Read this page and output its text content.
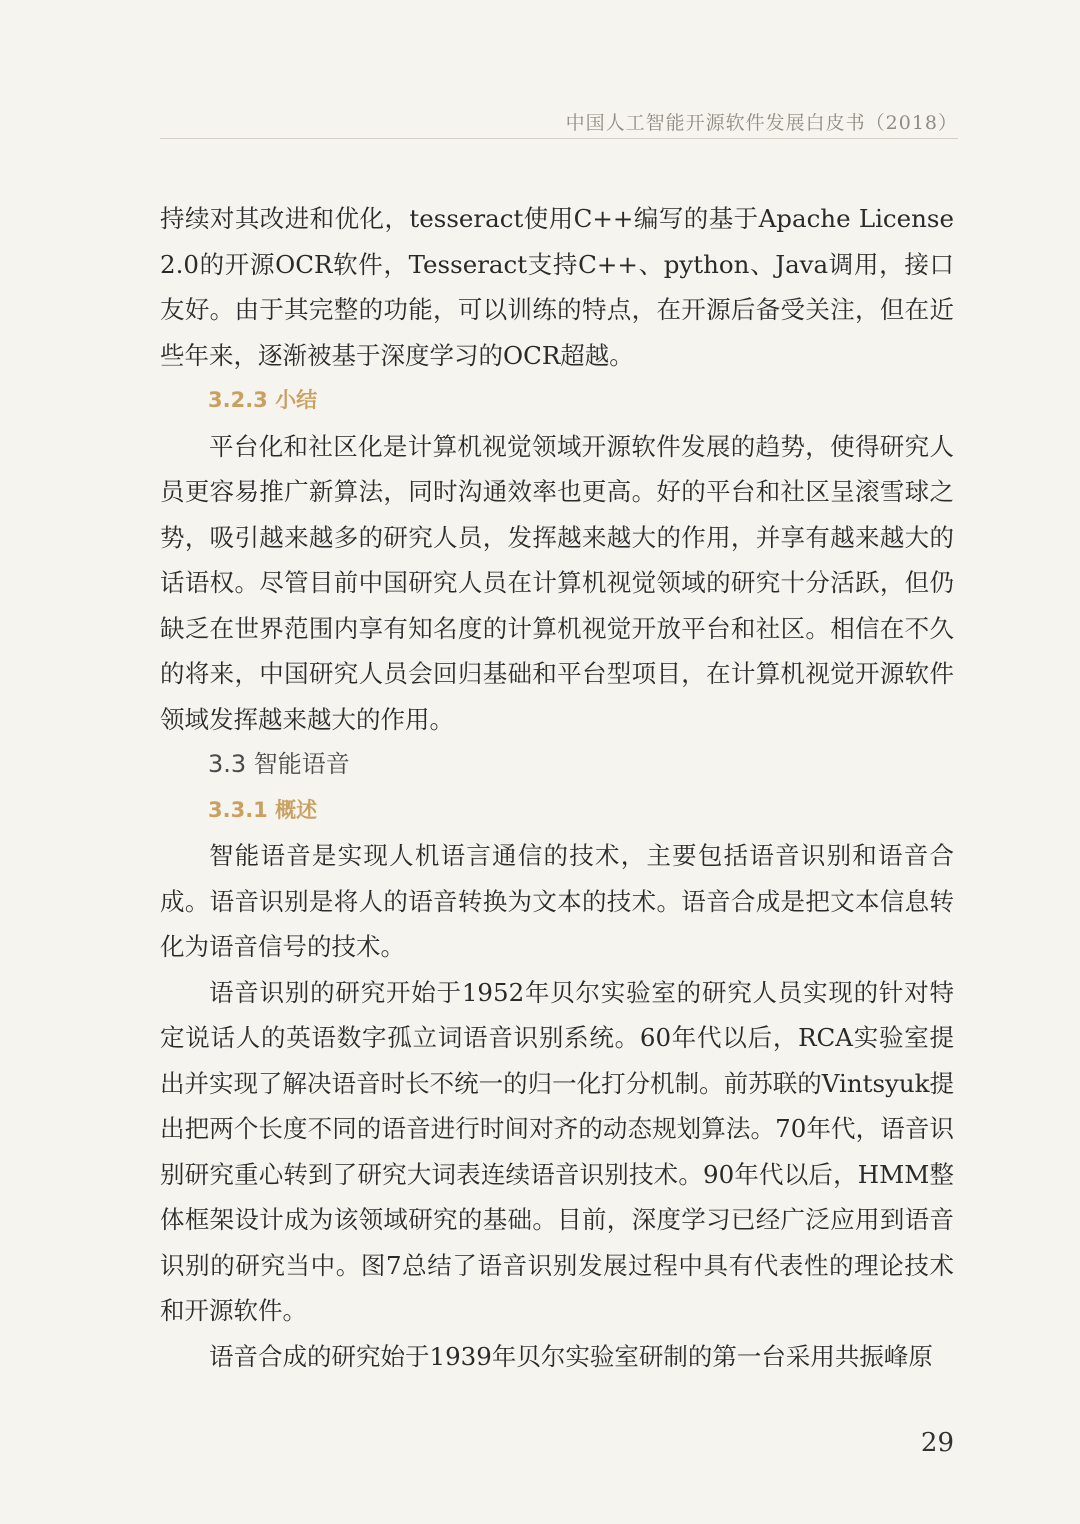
中国人工智能开源软件发展白皮书（2018）

持续对其改进和优化，tesseract使用C++编写的基于Apache License 2.0的开源OCR软件，Tesseract支持C++、python、Java调用，接口友好。由于其完整的功能，可以训练的特点，在开源后备受关注，但在近些年来，逐渐被基于深度学习的OCR超越。

3.2.3 小结

平台化和社区化是计算机视觉领域开源软件发展的趋势，使得研究人员更容易推广新算法，同时沟通效率也更高。好的平台和社区呈滚雪球之势，吸引越来越多的研究人员，发挥越来越大的作用，并享有越来越大的话语权。尽管目前中国研究人员在计算机视觉领域的研究十分活跃，但仍缺乏在世界范围内享有知名度的计算机视觉开放平台和社区。相信在不久的将来，中国研究人员会回归基础和平台型项目，在计算机视觉开源软件领域发挥越来越大的作用。

3.3 智能语音
3.3.1 概述

智能语音是实现人机语言通信的技术，主要包括语音识别和语音合成。语音识别是将人的语音转换为文本的技术。语音合成是把文本信息转化为语音信号的技术。

语音识别的研究开始于1952年贝尔实验室的研究人员实现的针对特定说话人的英语数字孤立词语音识别系统。60年代以后，RCA实验室提出并实现了解决语音时长不统一的归一化打分机制。前苏联的Vintsyuk提出把两个长度不同的语音进行时间对齐的动态规划算法。70年代，语音识别研究重心转到了研究大词表连续语音识别技术。90年代以后，HMM整体框架设计成为该领域研究的基础。目前，深度学习已经广泛应用到语音识别的研究当中。图7总结了语音识别发展过程中具有代表性的理论技术和开源软件。

语音合成的研究始于1939年贝尔实验室研制的第一台采用共振峰原

29
